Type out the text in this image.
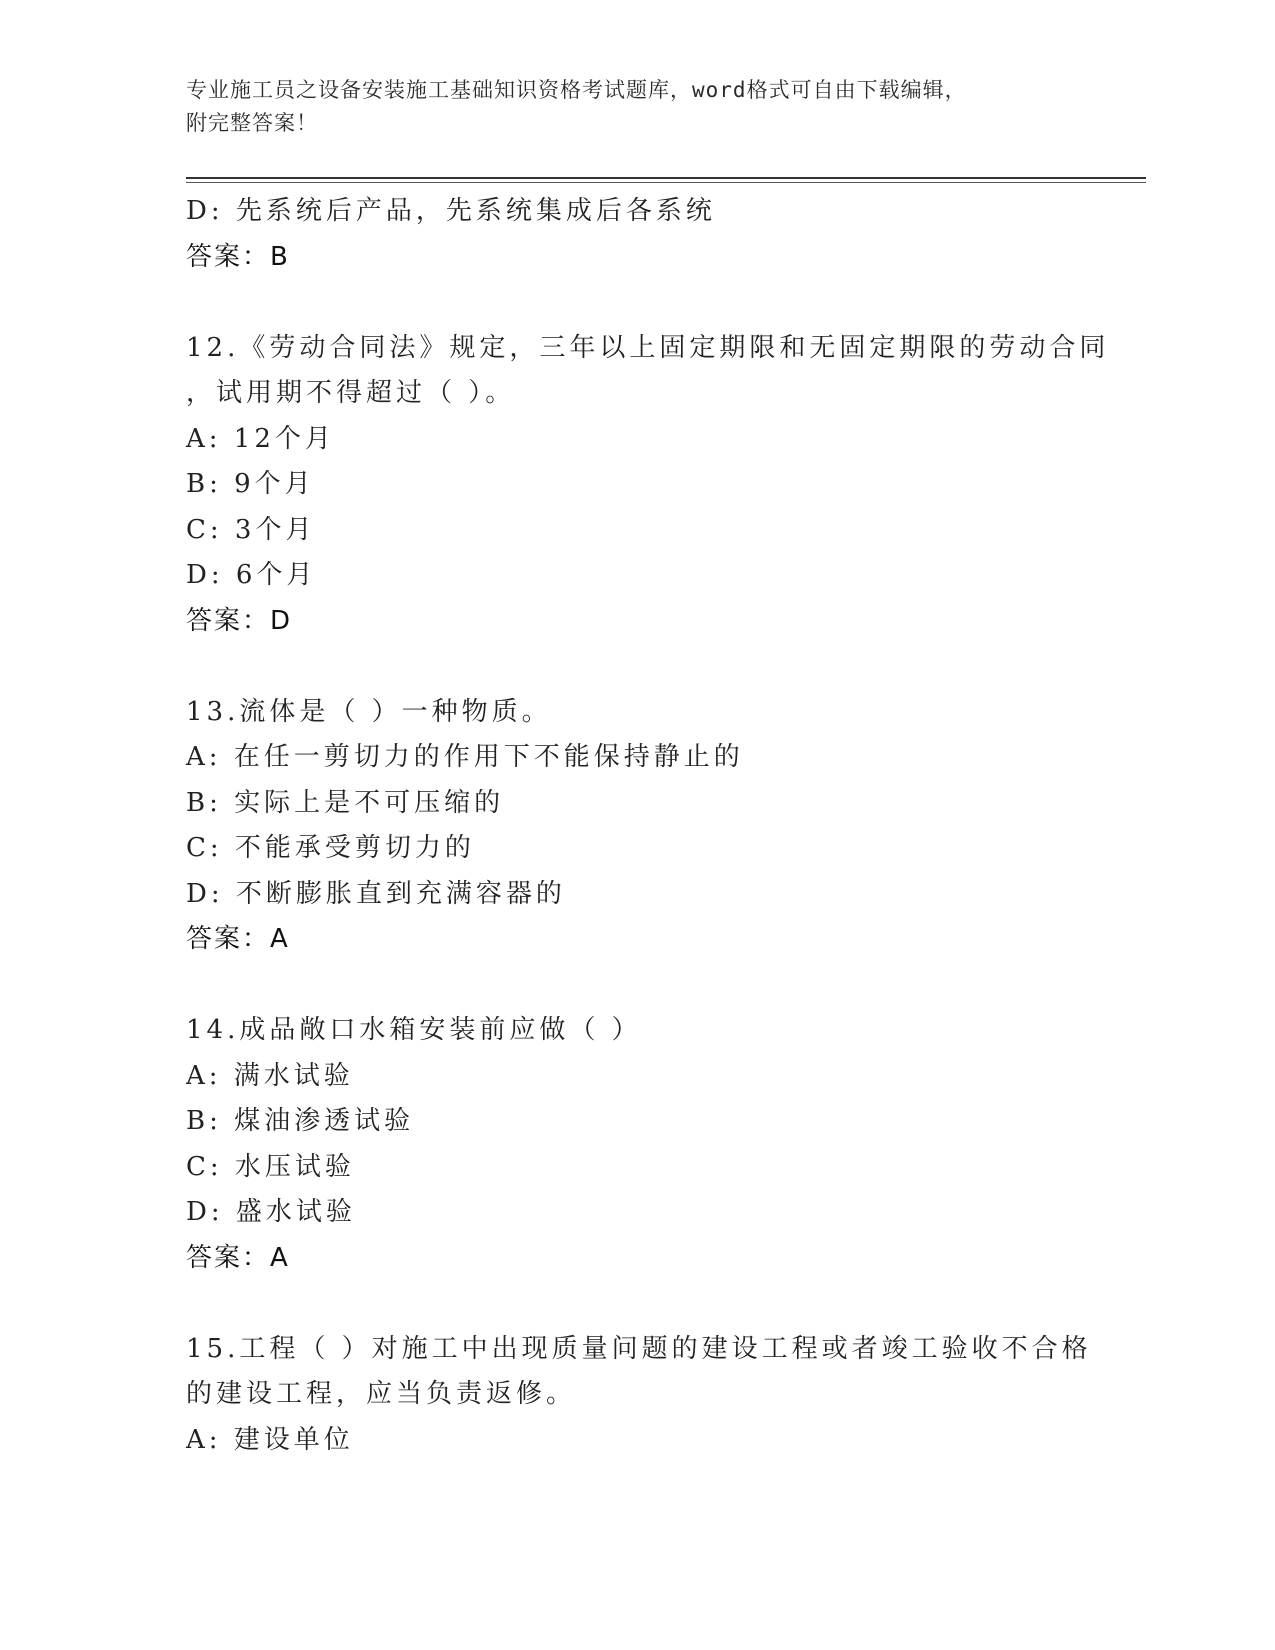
专业施工员之设备安装施工基础知识资格考试题库，word格式可自由下载编辑，
附完整答案！
D: 先系统后产品，先系统集成后各系统
答案：B
12.《劳动合同法》规定，三年以上固定期限和无固定期限的劳动合同
，试用期不得超过（ ）。
A: 12个月
B: 9个月
C: 3个月
D: 6个月
答案：D
13.流体是（ ）一种物质。
A: 在任一剪切力的作用下不能保持静止的
B: 实际上是不可压缩的
C: 不能承受剪切力的
D: 不断膨胀直到充满容器的
答案：A
14.成品敞口水箱安装前应做（ ）
A: 满水试验
B: 煤油渗透试验
C: 水压试验
D: 盛水试验
答案：A
15.工程（ ）对施工中出现质量问题的建设工程或者竣工验收不合格
的建设工程，应当负责返修。
A: 建设单位
